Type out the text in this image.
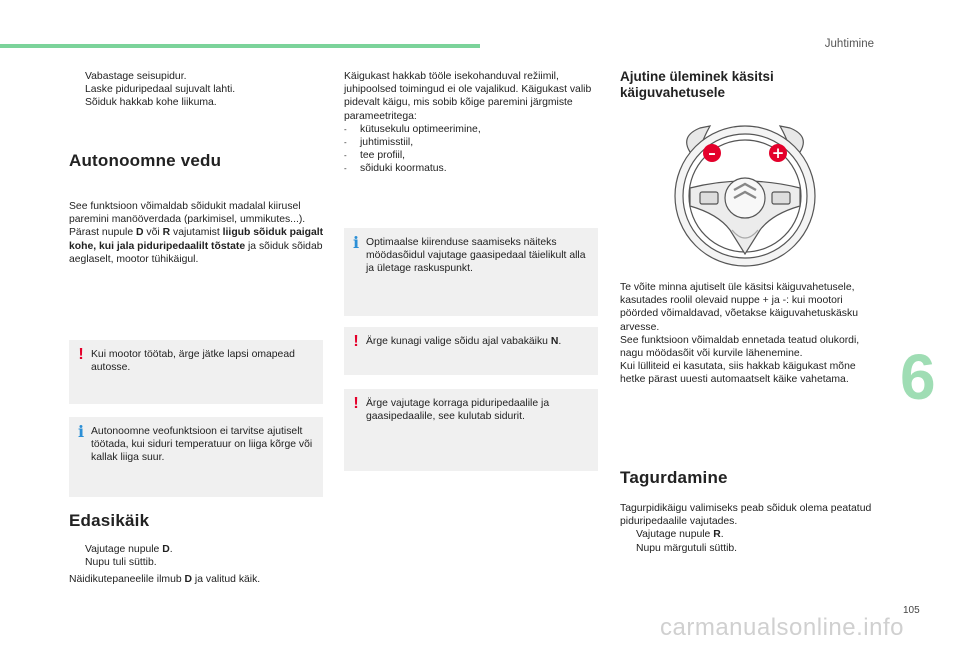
Juhtimine

Vabastage seisupidur.

Laske piduripedaal sujuvalt lahti.

Sõiduk hakkab kohe liikuma.

Autonoomne vedu

See funktsioon võimaldab sõidukit madalal kiirusel paremini manööverdada (parkimisel, ummikutes...).

Pärast nupule D või R vajutamist liigub sõiduk paigalt kohe, kui jala piduripedaalilt tõstate ja sõiduk sõidab aeglaselt, mootor tühikäigul.

! Kui mootor töötab, ärge jätke lapsi omapead autosse.
i Autonoomne veofunktsioon ei tarvitse ajutiselt töötada, kui siduri temperatuur on liiga kõrge või kallak liiga suur.
Edasikäik

Vajutage nupule D.

Nupu tuli süttib.

Näidikutepaneelile ilmub D ja valitud käik.

Käigukast hakkab tööle isekohanduval režiimil, juhipoolsed toimingud ei ole vajalikud. Käigukast valib pidevalt käigu, mis sobib kõige paremini järgmiste parameetritega:

- kütusekulu optimeerimine,

- juhtimisstiil,

- tee profiil,

- sõiduki koormatus.

i Optimaalse kiirenduse saamiseks näiteks möödasõidul vajutage gaasipedaal täielikult alla ja ületage raskuspunkt.
! Ärge kunagi valige sõidu ajal vabakäiku N.
! Ärge vajutage korraga piduripedaalile ja gaasipedaalile, see kulutab sidurit.
Ajutine üleminek käsitsi käiguvahetusele
–	+

Te võite minna ajutiselt üle käsitsi käiguvahetusele, kasutades roolil olevaid nuppe + ja -: kui mootori pöörded võimaldavad, võetakse käiguvahetuskäsku arvesse.

See funktsioon võimaldab ennetada teatud olukordi, nagu möödasõit või kurvile lähenemine.

Kui lülliteid ei kasutata, siis hakkab käigukast mõne hetke pärast uuesti automaatselt käike vahetama.

Tagurdamine

Tagurpidikäigu valimiseks peab sõiduk olema peatatud piduripedaalile vajutades.

Vajutage nupule R.

Nupu märgutuli süttib.

6
105
carmanualsonline.info
